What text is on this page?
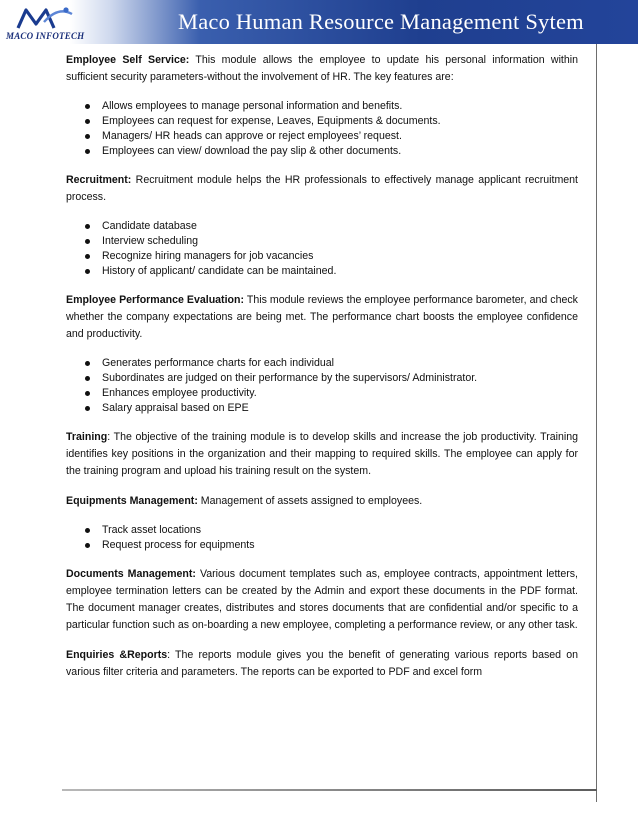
MACO INFOTECH
Maco Human Resource Management Sytem

Employee Self Service: This module allows the employee to update his personal information within sufficient security parameters-without the involvement of HR. The key features are:

Allows employees to manage personal information and benefits.
Employees can request for expense, Leaves, Equipments & documents.
Managers/ HR heads can approve or reject employees’ request.
Employees can view/ download the pay slip & other documents.

Recruitment: Recruitment module helps the HR professionals to effectively manage applicant recruitment process.

Candidate database
Interview scheduling
Recognize hiring managers for job vacancies
History of applicant/ candidate can be maintained.

Employee Performance Evaluation: This module reviews the employee performance barometer, and check whether the company expectations are being met. The performance chart boosts the employee confidence and productivity.

Generates performance charts for each individual
Subordinates are judged on their performance by the supervisors/ Administrator.
Enhances employee productivity.
Salary appraisal based on EPE

Training: The objective of the training module is to develop skills and increase the job productivity. Training identifies key positions in the organization and their mapping to required skills. The employee can apply for the training program and upload his training result on the system.

Equipments Management: Management of assets assigned to employees.

Track asset locations
Request process for equipments

Documents Management: Various document templates such as, employee contracts, appointment letters, employee termination letters can be created by the Admin and export these documents in the PDF format. The document manager creates, distributes and stores documents that are confidential and/or specific to a particular function such as on-boarding a new employee, completing a performance review, or any other task.

Enquiries &Reports: The reports module gives you the benefit of generating various reports based on various filter criteria and parameters. The reports can be exported to PDF and excel form
